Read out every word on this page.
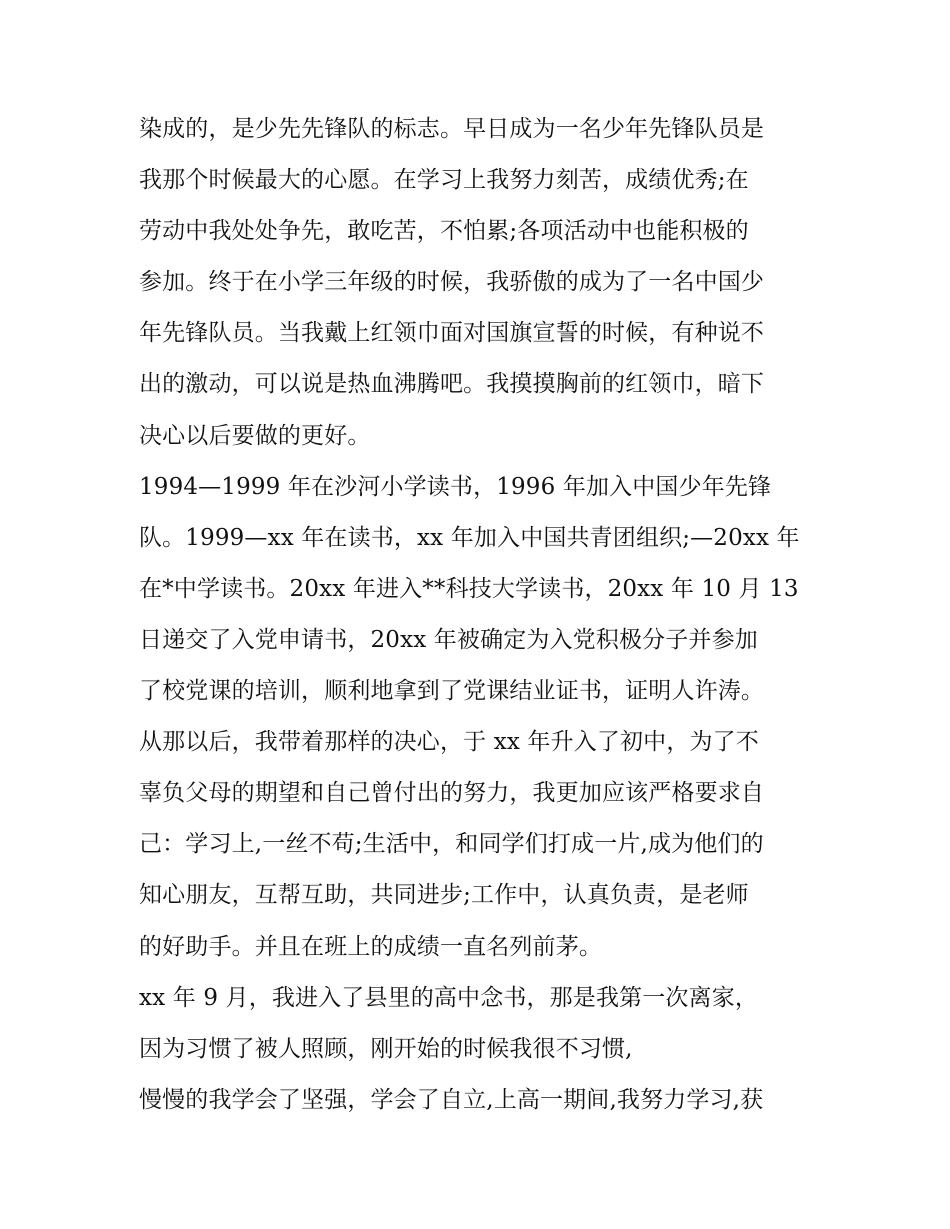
染成的，是少先先锋队的标志。早日成为一名少年先锋队员是
我那个时候最大的心愿。在学习上我努力刻苦，成绩优秀;在
劳动中我处处争先，敢吃苦，不怕累;各项活动中也能积极的
参加。终于在小学三年级的时候，我骄傲的成为了一名中国少
年先锋队员。当我戴上红领巾面对国旗宣誓的时候，有种说不
出的激动，可以说是热血沸腾吧。我摸摸胸前的红领巾，暗下
决心以后要做的更好。
1994—1999 年在沙河小学读书，1996 年加入中国少年先锋
队。1999—xx 年在读书，xx 年加入中国共青团组织;—20xx 年
在*中学读书。20xx 年进入**科技大学读书，20xx 年 10 月 13
日递交了入党申请书，20xx 年被确定为入党积极分子并参加
了校党课的培训，顺利地拿到了党课结业证书，证明人许涛。
从那以后，我带着那样的决心，于 xx 年升入了初中，为了不
辜负父母的期望和自己曾付出的努力，我更加应该严格要求自
己：学习上,一丝不苟;生活中，和同学们打成一片,成为他们的
知心朋友，互帮互助，共同进步;工作中，认真负责，是老师
的好助手。并且在班上的成绩一直名列前茅。
xx 年 9 月，我进入了县里的高中念书，那是我第一次离家，
因为习惯了被人照顾，刚开始的时候我很不习惯,
慢慢的我学会了坚强，学会了自立,上高一期间,我努力学习,获
